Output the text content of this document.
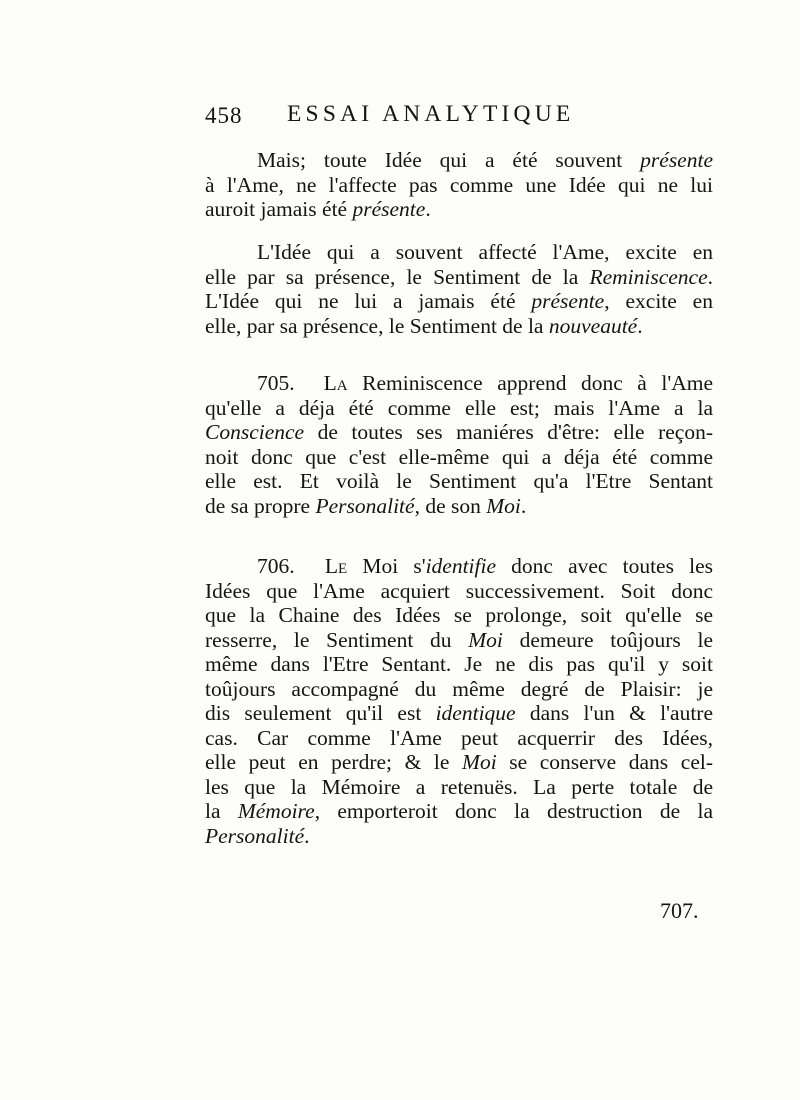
458 ESSAI ANALYTIQUE
Mais; toute Idée qui a été souvent présente
à l'Ame, ne l'affecte pas comme une Idée qui ne lui
auroit jamais été présente.
L'Idée qui a souvent affecté l'Ame, excite en
elle par sa présence, le Sentiment de la Reminiscence.
L'Idée qui ne lui a jamais été présente, excite en
elle, par sa présence, le Sentiment de la nouveauté.
705. La Reminiscence apprend donc à l'Ame
qu'elle a déja été comme elle est; mais l'Ame a la
Conscience de toutes ses maniéres d'être: elle reçon-
noit donc que c'est elle-même qui a déja été comme
elle est. Et voilà le Sentiment qu'a l'Etre Sentant
de sa propre Personalité, de son Moi.
706. Le Moi s'identifie donc avec toutes les
Idées que l'Ame acquiert successivement. Soit donc
que la Chaine des Idées se prolonge, soit qu'elle se
resserre, le Sentiment du Moi demeure toûjours le
même dans l'Etre Sentant. Je ne dis pas qu'il y soit
toûjours accompagné du même degré de Plaisir: je
dis seulement qu'il est identique dans l'un & l'autre
cas. Car comme l'Ame peut acquerrir des Idées,
elle peut en perdre; & le Moi se conserve dans cel-
les que la Mémoire a retenuës. La perte totale de
la Mémoire, emporteroit donc la destruction de la
Personalité.
707.
